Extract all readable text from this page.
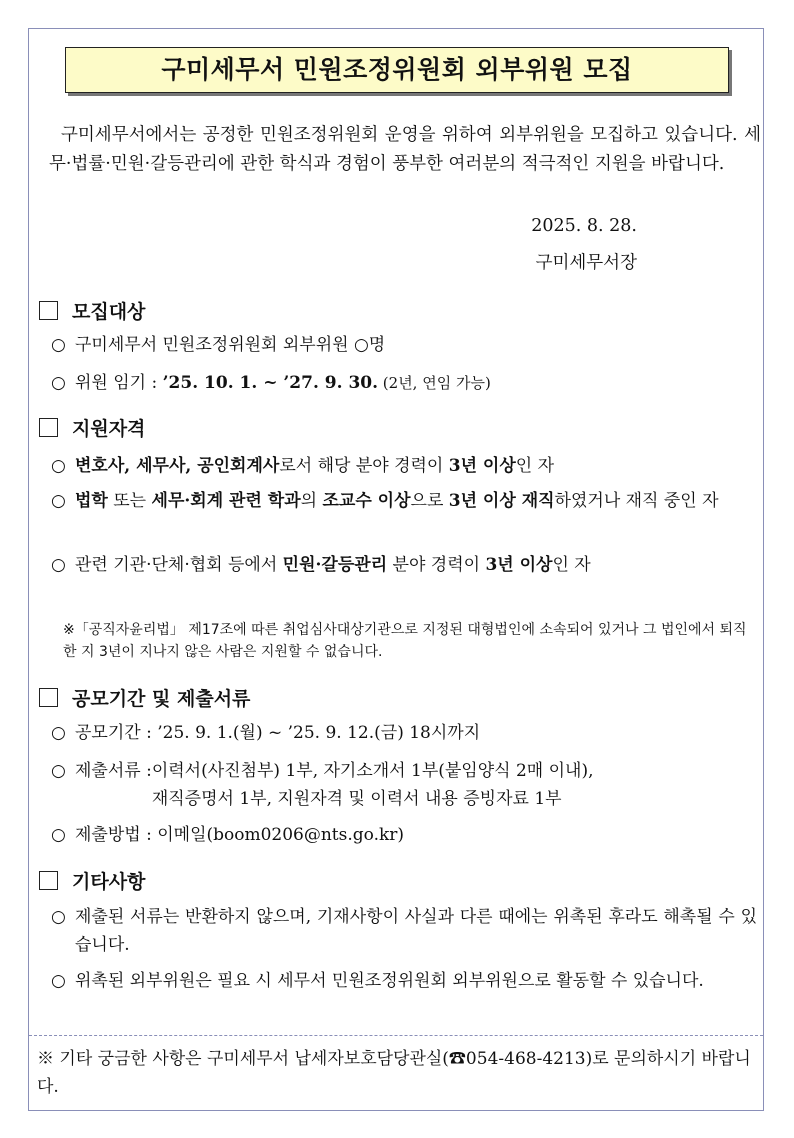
구미세무서 민원조정위원회 외부위원 모집
구미세무서에서는 공정한 민원조정위원회 운영을 위하여 외부위원을 모집하고 있습니다. 세무·법률·민원·갈등관리에 관한 학식과 경험이 풍부한 여러분의 적극적인 지원을 바랍니다.
2025. 8. 28.
구미세무서장
모집대상
○ 구미세무서 민원조정위원회 외부위원 ○명
○ 위원 임기 : ’25. 10. 1. ~ ’27. 9. 30. (2년, 연임 가능)
지원자격
○ 변호사, 세무사, 공인회계사로서 해당 분야 경력이 3년 이상인 자
○ 법학 또는 세무·회계 관련 학과의 조교수 이상으로 3년 이상 재직하였거나 재직 중인 자
○ 관련 기관·단체·협회 등에서 민원·갈등관리 분야 경력이 3년 이상인 자
※「공직자윤리법」 제17조에 따른 취업심사대상기관으로 지정된 대형법인에 소속되어 있거나 그 법인에서 퇴직한 지 3년이 지나지 않은 사람은 지원할 수 없습니다.
공모기간 및 제출서류
○ 공모기간 : ’25. 9. 1.(월) ~ ’25. 9. 12.(금) 18시까지
○ 제출서류 : 이력서(사진첨부) 1부, 자기소개서 1부(붙임양식 2매 이내),
재직증명서 1부, 지원자격 및 이력서 내용 증빙자료 1부
○ 제출방법 : 이메일(boom0206@nts.go.kr)
기타사항
○ 제출된 서류는 반환하지 않으며, 기재사항이 사실과 다른 때에는 위촉된 후라도 해촉될 수 있습니다.
○ 위촉된 외부위원은 필요 시 세무서 민원조정위원회 외부위원으로 활동할 수 있습니다.
※ 기타 궁금한 사항은 구미세무서 납세자보호담당관실(☎054-468-4213)로 문의하시기 바랍니다.
